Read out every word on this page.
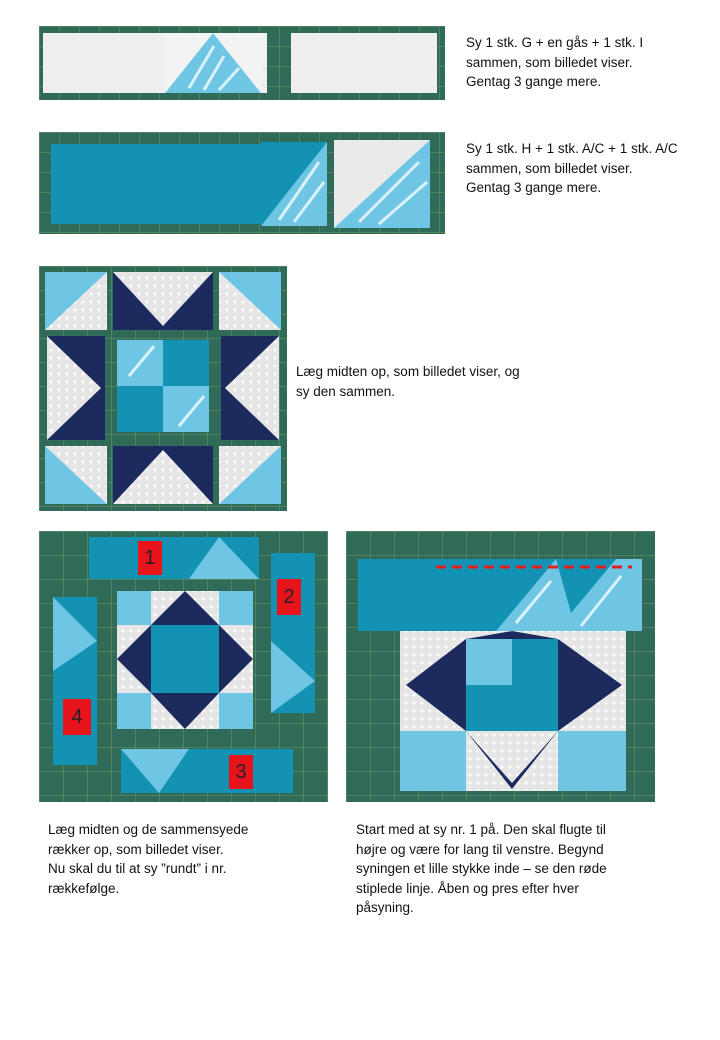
Sy 1 stk. G + en gås + 1 stk. I

sammen, som billedet viser.

Gentag 3 gange mere.

Sy 1 stk. H + 1 stk. A/C + 1 stk. A/C

sammen, som billedet viser.

Gentag 3 gange mere.

Læg midten op, som billedet viser, og

sy den sammen.

1
2
3
4

Læg midten og de sammensyede

rækker op, som billedet viser.

Nu skal du til at sy ”rundt” i nr.

rækkefølge.

Start med at sy nr. 1 på. Den skal flugte til

højre og være for lang til venstre. Begynd

syningen et lille stykke inde – se den røde

stiplede linje. Åben og pres efter hver

påsyning.
